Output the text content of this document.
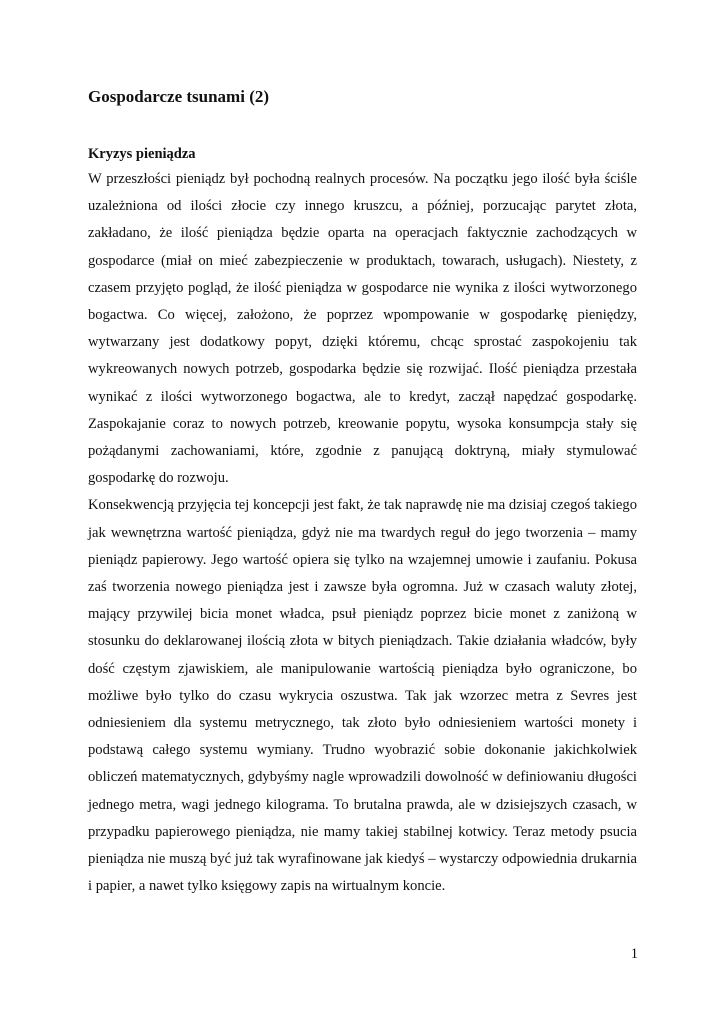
Gospodarcze tsunami (2)
Kryzys pieniądza

W przeszłości pieniądz był pochodną realnych procesów. Na początku jego ilość była ściśle uzależniona od ilości złocie czy innego kruszcu, a później, porzucając parytet złota, zakładano, że ilość pieniądza będzie oparta na operacjach faktycznie zachodzących w gospodarce (miał on mieć zabezpieczenie w produktach, towarach, usługach). Niestety, z czasem przyjęto pogląd, że ilość pieniądza w gospodarce nie wynika z ilości wytworzonego bogactwa. Co więcej, założono, że poprzez wpompowanie w gospodarkę pieniędzy, wytwarzany jest dodatkowy popyt, dzięki któremu, chcąc sprostać zaspokojeniu tak wykreowanych nowych potrzeb, gospodarka będzie się rozwijać. Ilość pieniądza przestała wynikać z ilości wytworzonego bogactwa, ale to kredyt, zaczął napędzać gospodarkę. Zaspokajanie coraz to nowych potrzeb, kreowanie popytu, wysoka konsumpcja stały się pożądanymi zachowaniami, które, zgodnie z panującą doktryną, miały stymulować gospodarkę do rozwoju.

Konsekwencją przyjęcia tej koncepcji jest fakt, że tak naprawdę nie ma dzisiaj czegoś takiego jak wewnętrzna wartość pieniądza, gdyż nie ma twardych reguł do jego tworzenia – mamy pieniądz papierowy. Jego wartość opiera się tylko na wzajemnej umowie i zaufaniu. Pokusa zaś tworzenia nowego pieniądza jest i zawsze była ogromna. Już w czasach waluty złotej, mający przywilej bicia monet władca, psuł pieniądz poprzez bicie monet z zaniżoną w stosunku do deklarowanej ilością złota w bitych pieniądzach. Takie działania władców, były dość częstym zjawiskiem, ale manipulowanie wartością pieniądza było ograniczone, bo możliwe było tylko do czasu wykrycia oszustwa. Tak jak wzorzec metra z Sevres jest odniesieniem dla systemu metrycznego, tak złoto było odniesieniem wartości monety i podstawą całego systemu wymiany. Trudno wyobrazić sobie dokonanie jakichkolwiek obliczeń matematycznych, gdybyśmy nagle wprowadzili dowolność w definiowaniu długości jednego metra, wagi jednego kilograma. To brutalna prawda, ale w dzisiejszych czasach, w przypadku papierowego pieniądza, nie mamy takiej stabilnej kotwicy. Teraz metody psucia pieniądza nie muszą być już tak wyrafinowane jak kiedyś – wystarczy odpowiednia drukarnia i papier, a nawet tylko księgowy zapis na wirtualnym koncie.

1
